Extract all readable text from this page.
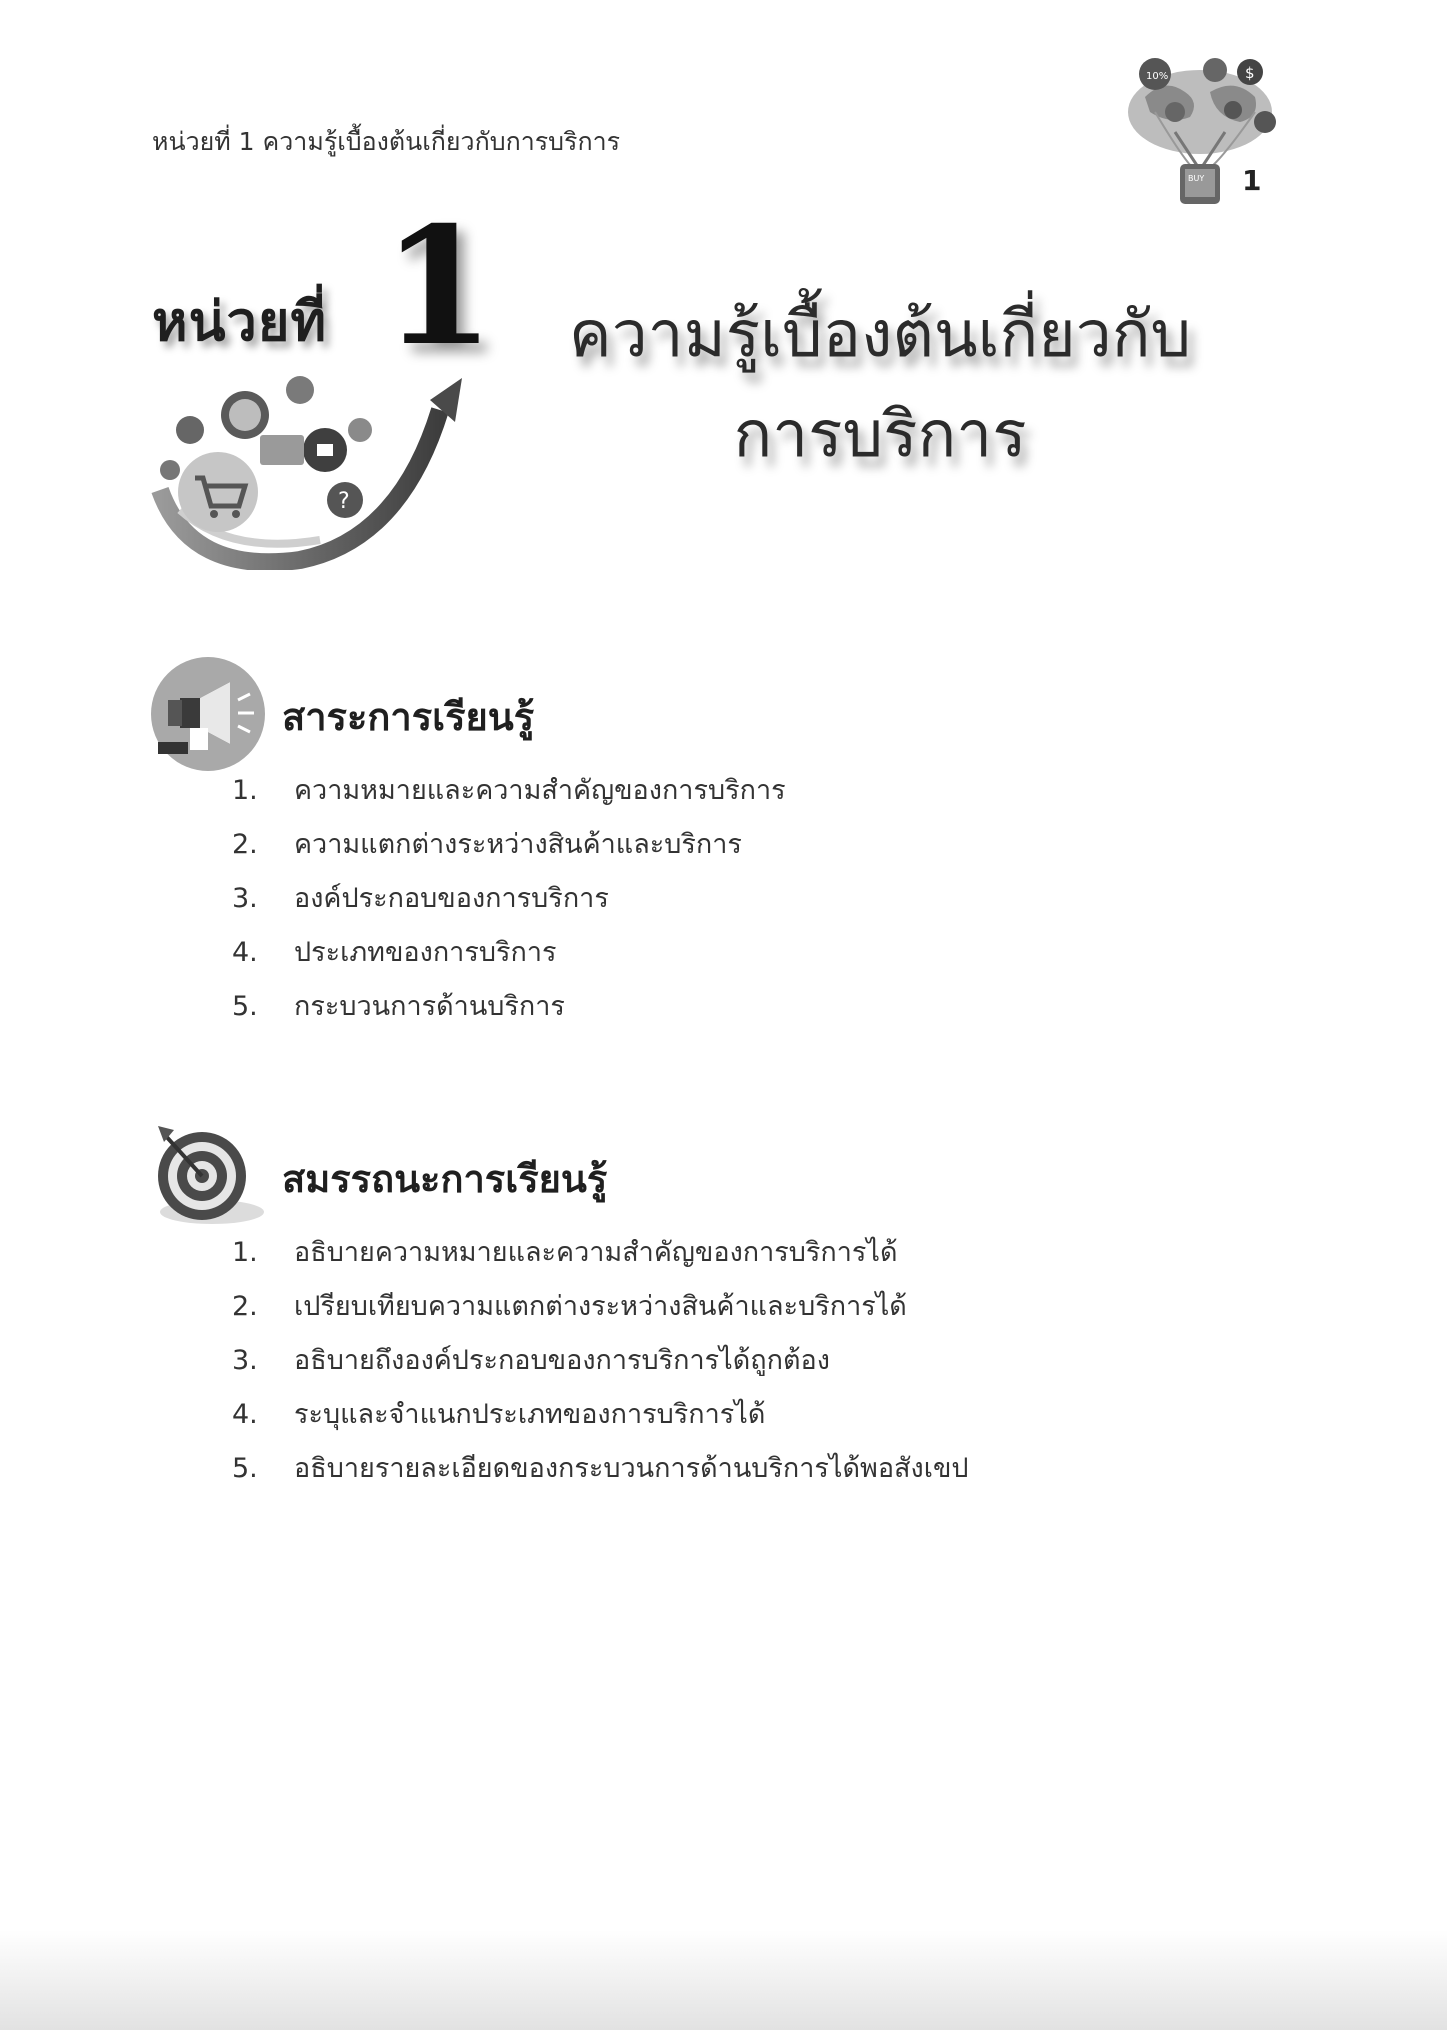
หน่วยที่ 1 ความรู้เบื้องต้นเกี่ยวกับการบริการ
10%	$
BUY 1
หน่วยที่ 1
?
ความรู้เบื้องต้นเกี่ยวกับ
การบริการ
สาระการเรียนรู้
1. ความหมายและความสำคัญของการบริการ
2. ความแตกต่างระหว่างสินค้าและบริการ
3. องค์ประกอบของการบริการ
4. ประเภทของการบริการ
5. กระบวนการด้านบริการ
สมรรถนะการเรียนรู้
1. อธิบายความหมายและความสำคัญของการบริการได้
2. เปรียบเทียบความแตกต่างระหว่างสินค้าและบริการได้
3. อธิบายถึงองค์ประกอบของการบริการได้ถูกต้อง
4. ระบุและจำแนกประเภทของการบริการได้
5. อธิบายรายละเอียดของกระบวนการด้านบริการได้พอสังเขป
